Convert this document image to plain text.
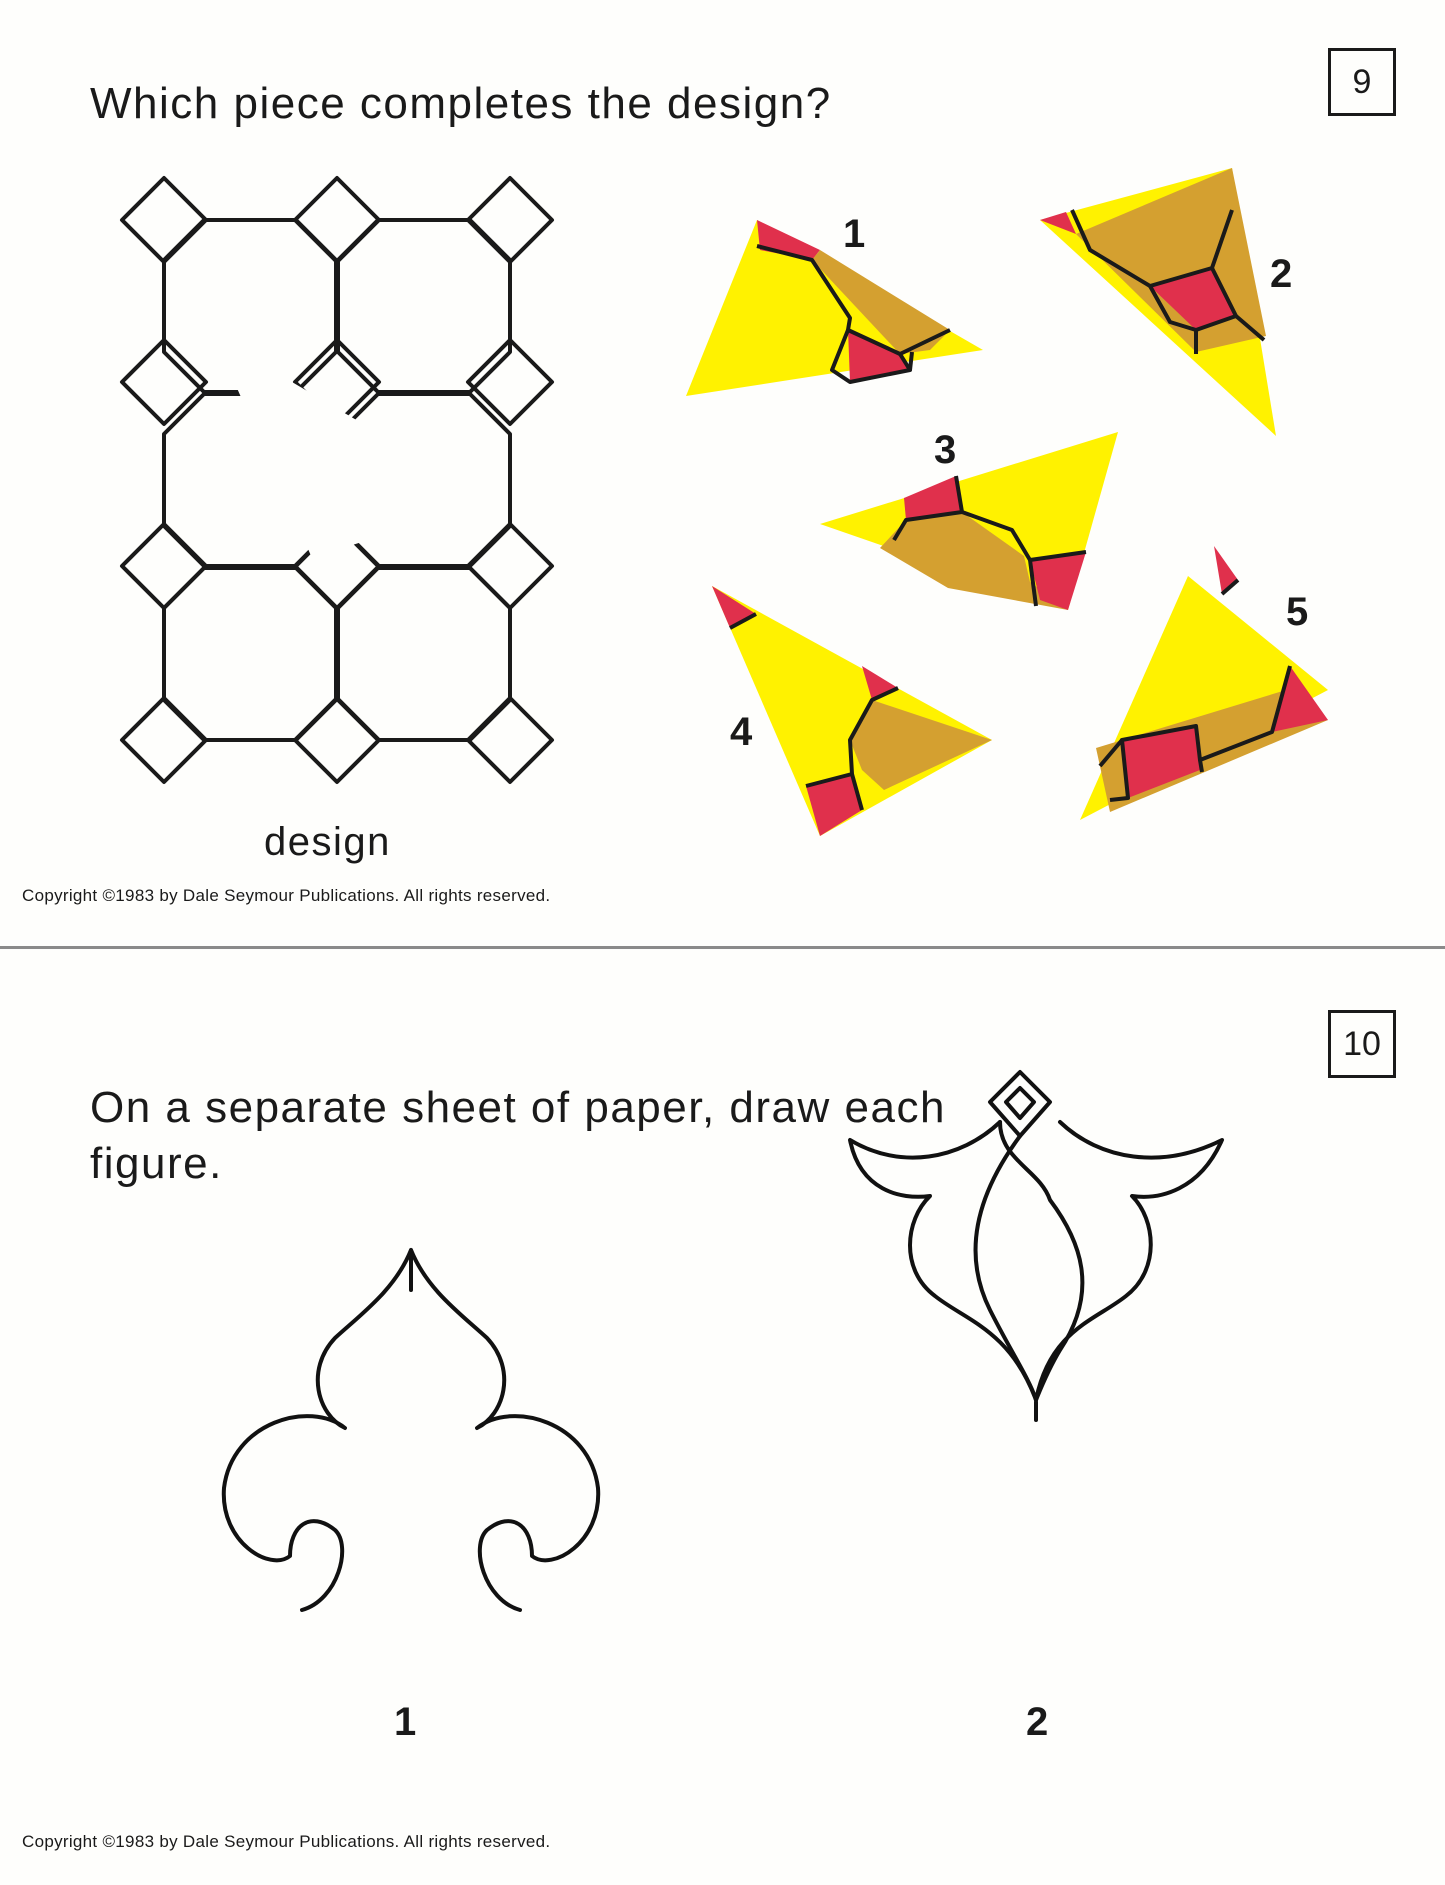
Which piece completes the design?	9
1
2
3
4
5
design
Copyright ©1983 by Dale Seymour Publications. All rights reserved.
10
On a separate sheet of paper, draw each
figure.
1	2
Copyright ©1983 by Dale Seymour Publications. All rights reserved.
